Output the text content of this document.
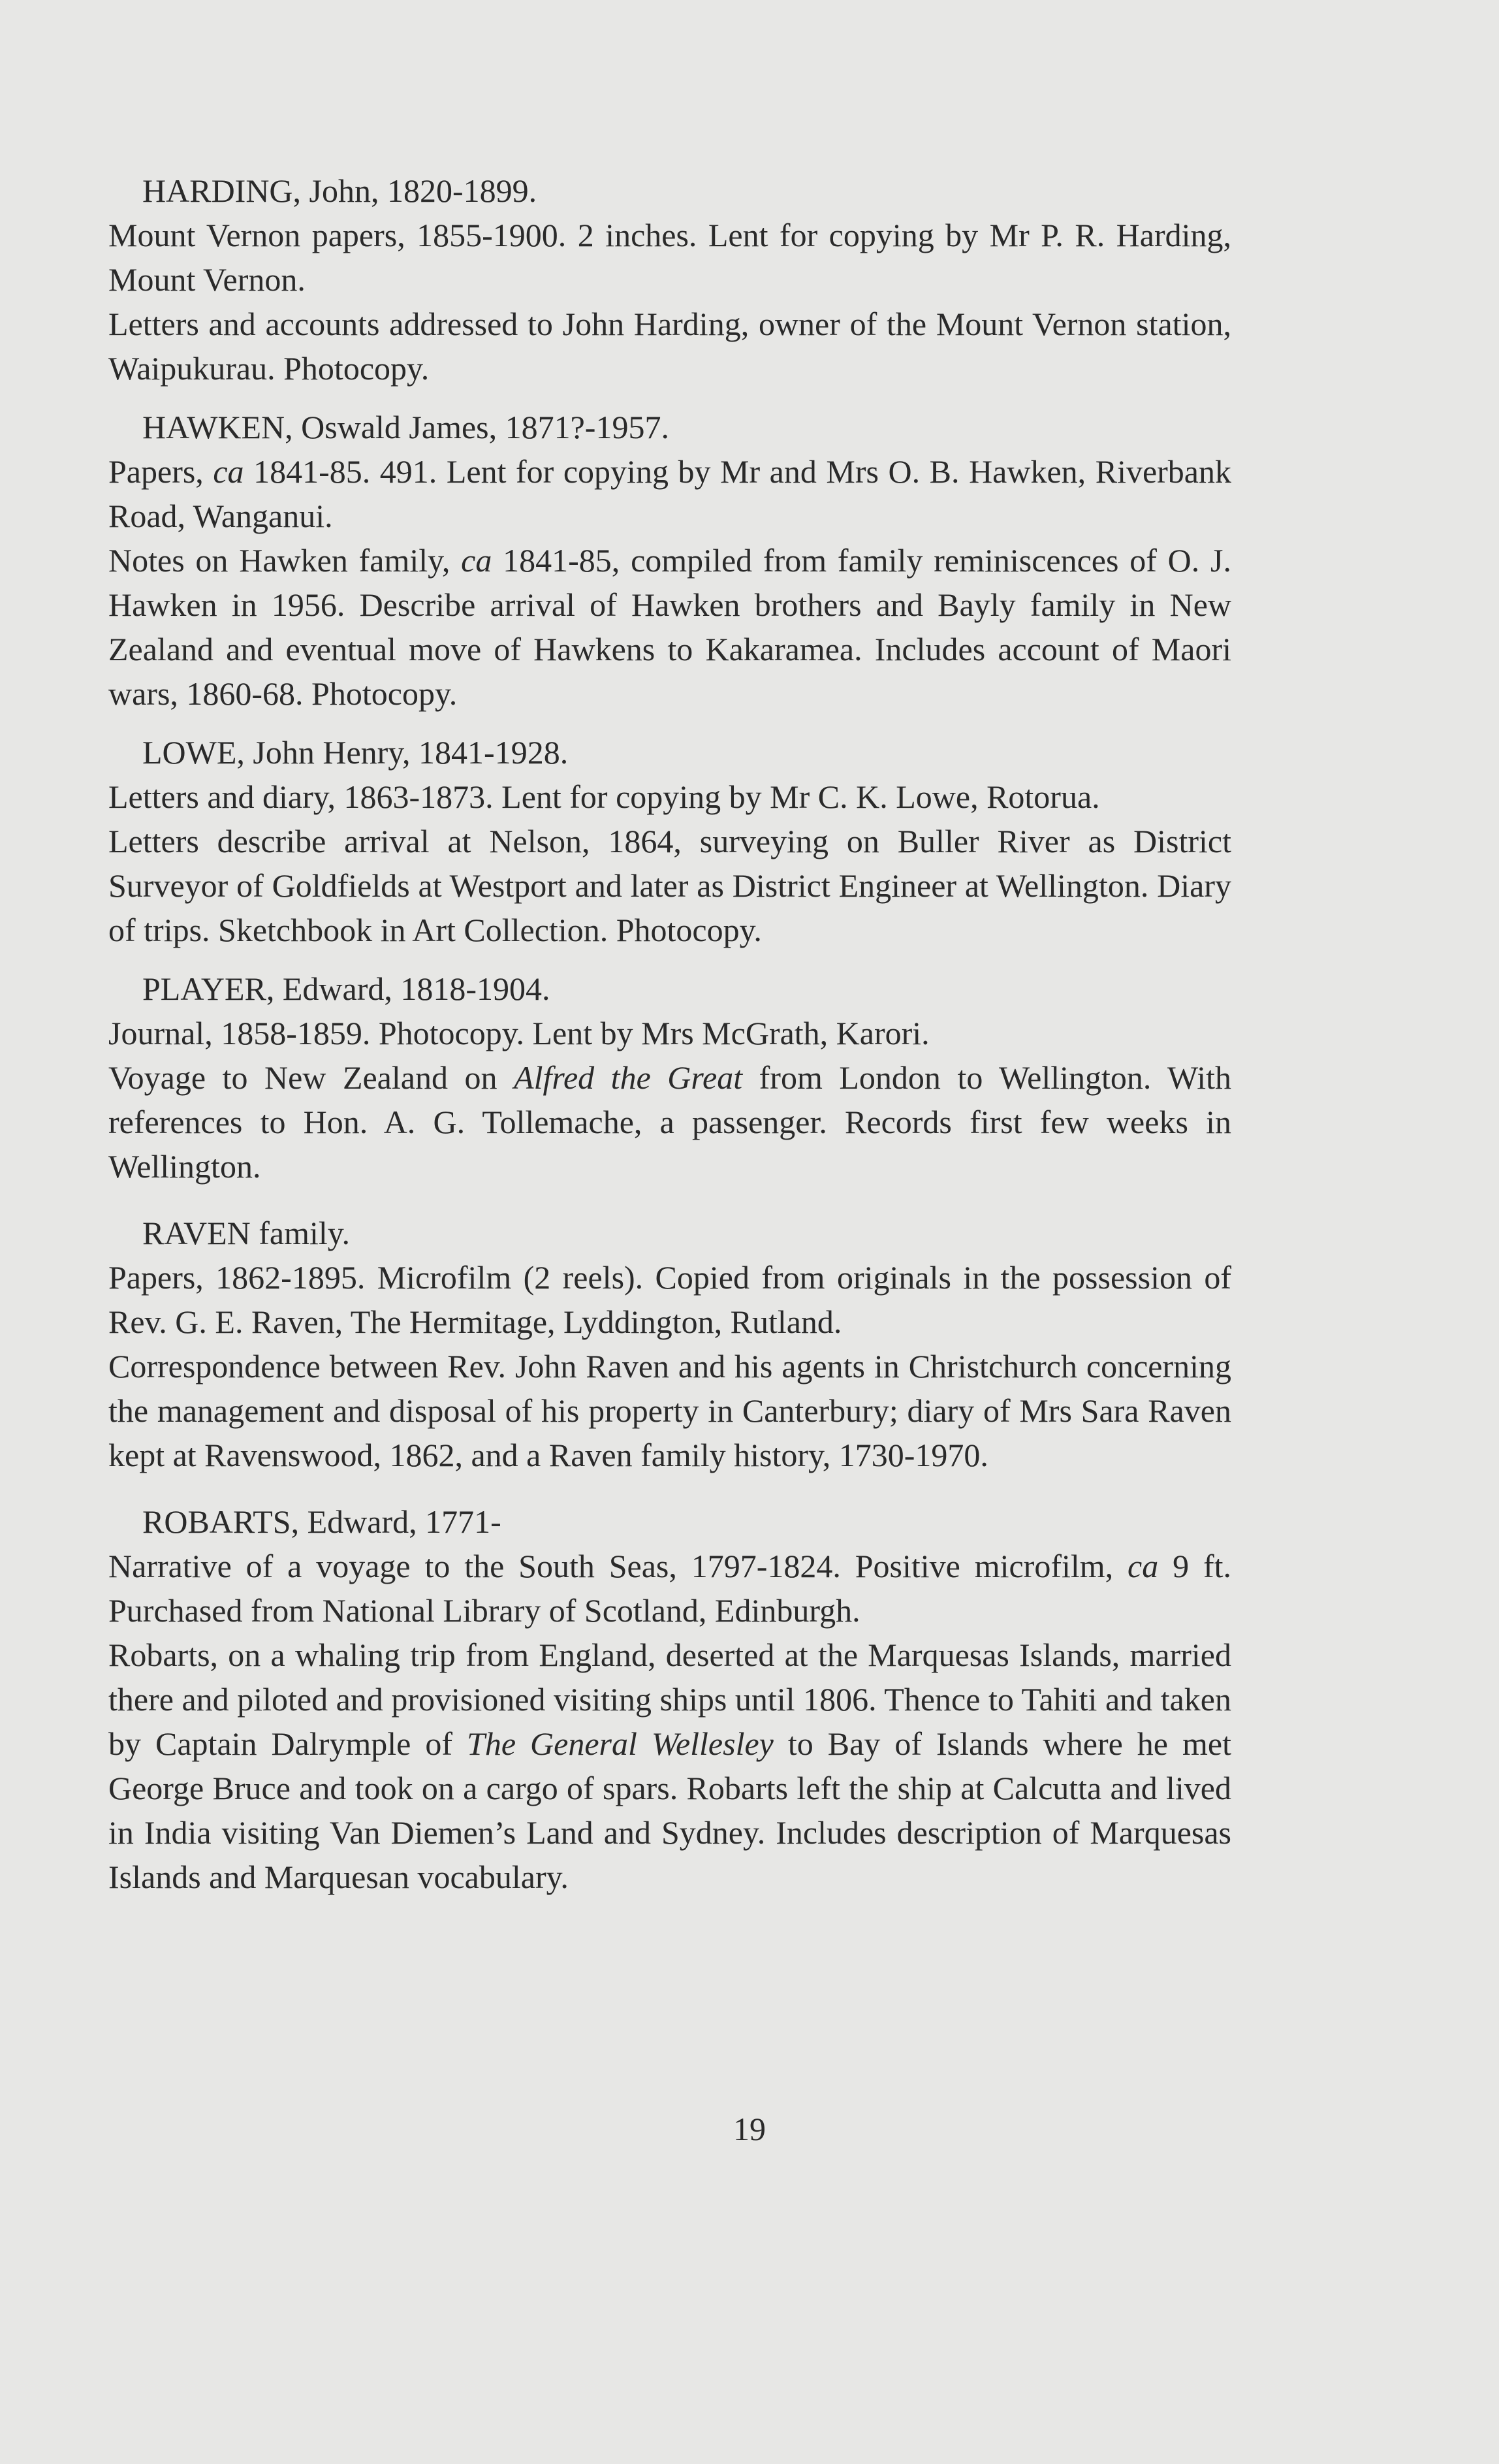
HARDING, John, 1820-1899.

Mount Vernon papers, 1855-1900. 2 inches. Lent for copying by Mr P. R. Harding, Mount Vernon.

Letters and accounts addressed to John Harding, owner of the Mount Vernon station, Waipukurau. Photocopy.

HAWKEN, Oswald James, 1871?-1957.

Papers, ca 1841-85. 491. Lent for copying by Mr and Mrs O. B. Hawken, Riverbank Road, Wanganui.

Notes on Hawken family, ca 1841-85, compiled from family reminiscences of O. J. Hawken in 1956. Describe arrival of Hawken brothers and Bayly family in New Zealand and eventual move of Hawkens to Kakaramea. Includes account of Maori wars, 1860-68. Photocopy.

LOWE, John Henry, 1841-1928.

Letters and diary, 1863-1873. Lent for copying by Mr C. K. Lowe, Rotorua.

Letters describe arrival at Nelson, 1864, surveying on Buller River as District Surveyor of Goldfields at Westport and later as District Engineer at Wellington. Diary of trips. Sketchbook in Art Collection. Photocopy.

PLAYER, Edward, 1818-1904.

Journal, 1858-1859. Photocopy. Lent by Mrs McGrath, Karori.

Voyage to New Zealand on Alfred the Great from London to Wellington. With references to Hon. A. G. Tollemache, a passenger. Records first few weeks in Wellington.

RAVEN family.

Papers, 1862-1895. Microfilm (2 reels). Copied from originals in the possession of Rev. G. E. Raven, The Hermitage, Lyddington, Rutland.

Correspondence between Rev. John Raven and his agents in Christchurch concerning the management and disposal of his property in Canterbury; diary of Mrs Sara Raven kept at Ravenswood, 1862, and a Raven family history, 1730-1970.

ROBARTS, Edward, 1771-

Narrative of a voyage to the South Seas, 1797-1824. Positive microfilm, ca 9 ft. Purchased from National Library of Scotland, Edinburgh.

Robarts, on a whaling trip from England, deserted at the Marquesas Islands, married there and piloted and provisioned visiting ships until 1806. Thence to Tahiti and taken by Captain Dalrymple of The General Wellesley to Bay of Islands where he met George Bruce and took on a cargo of spars. Robarts left the ship at Calcutta and lived in India visiting Van Diemen’s Land and Sydney. Includes description of Marquesas Islands and Marquesan vocabulary.

19
